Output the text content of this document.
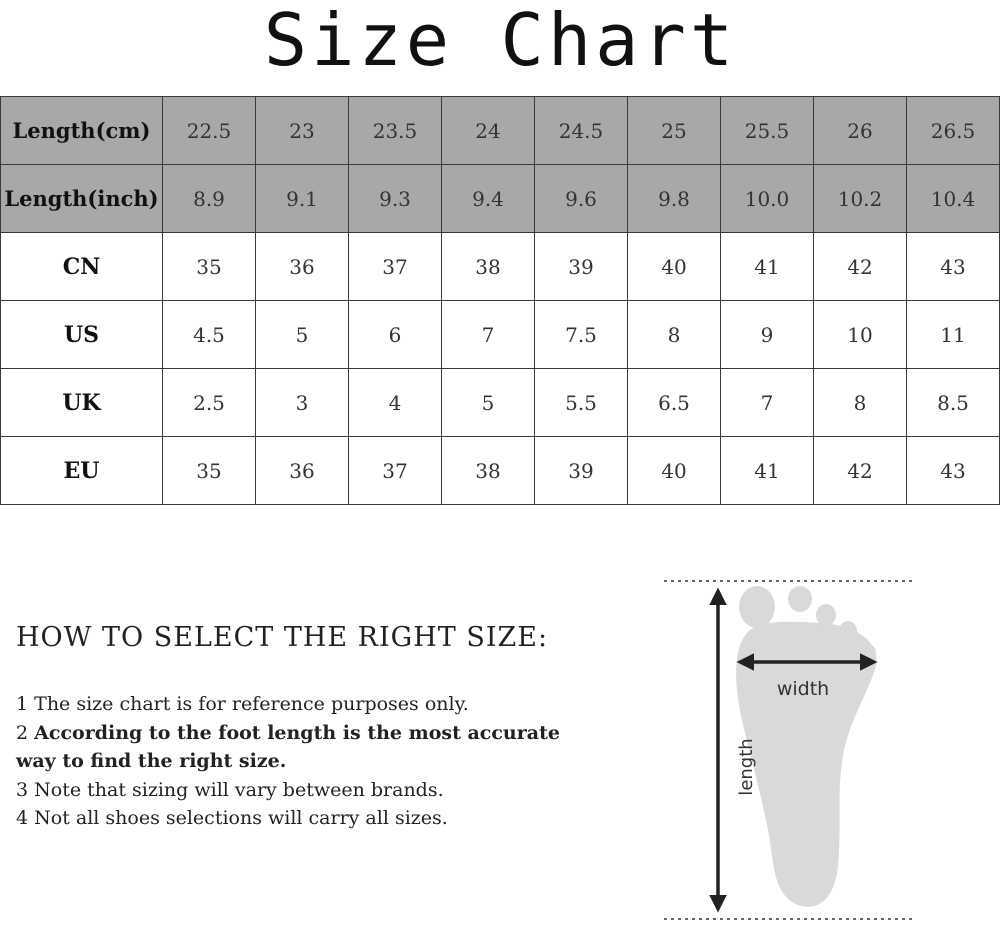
Size Chart
Length(cm)	22.5	23	23.5	24	24.5	25	25.5	26	26.5
Length(inch)	8.9	9.1	9.3	9.4	9.6	9.8	10.0	10.2	10.4
CN	35	36	37	38	39	40	41	42	43
US	4.5	5	6	7	7.5	8	9	10	11
UK	2.5	3	4	5	5.5	6.5	7	8	8.5
EU	35	36	37	38	39	40	41	42	43
HOW TO SELECT THE RIGHT SIZE:
1 The size chart is for reference purposes only.
2 According to the foot length is the most accurate way to find the right size.
3 Note that sizing will vary between brands.
4 Not all shoes selections will carry all sizes.
width
length
